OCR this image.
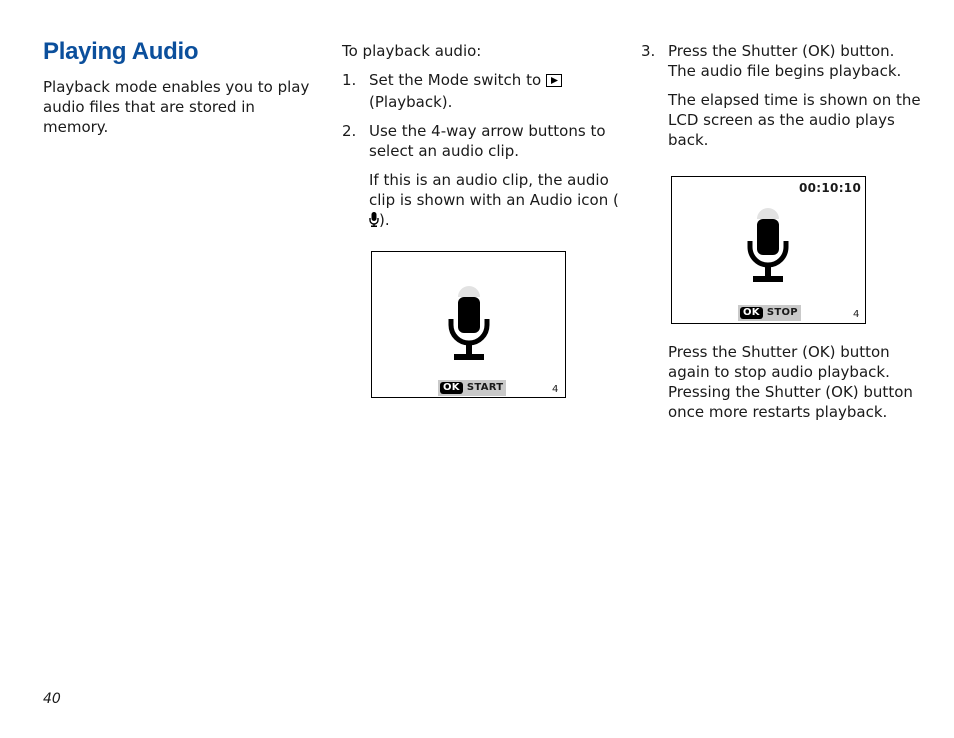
Playing Audio

Playback mode enables you to play audio files that are stored in memory.

To playback audio:

1. Set the Mode switch to
(Playback).
2. Use the 4-way arrow buttons to select an audio clip.
If this is an audio clip, the audio clip is shown with an Audio icon ().
OK START	4
3. Press the Shutter (OK) button. The audio file begins playback.
The elapsed time is shown on the LCD screen as the audio plays back.
00:10:10
OK STOP	4

Press the Shutter (OK) button again to stop audio playback. Pressing the Shutter (OK) button once more restarts playback.

40
